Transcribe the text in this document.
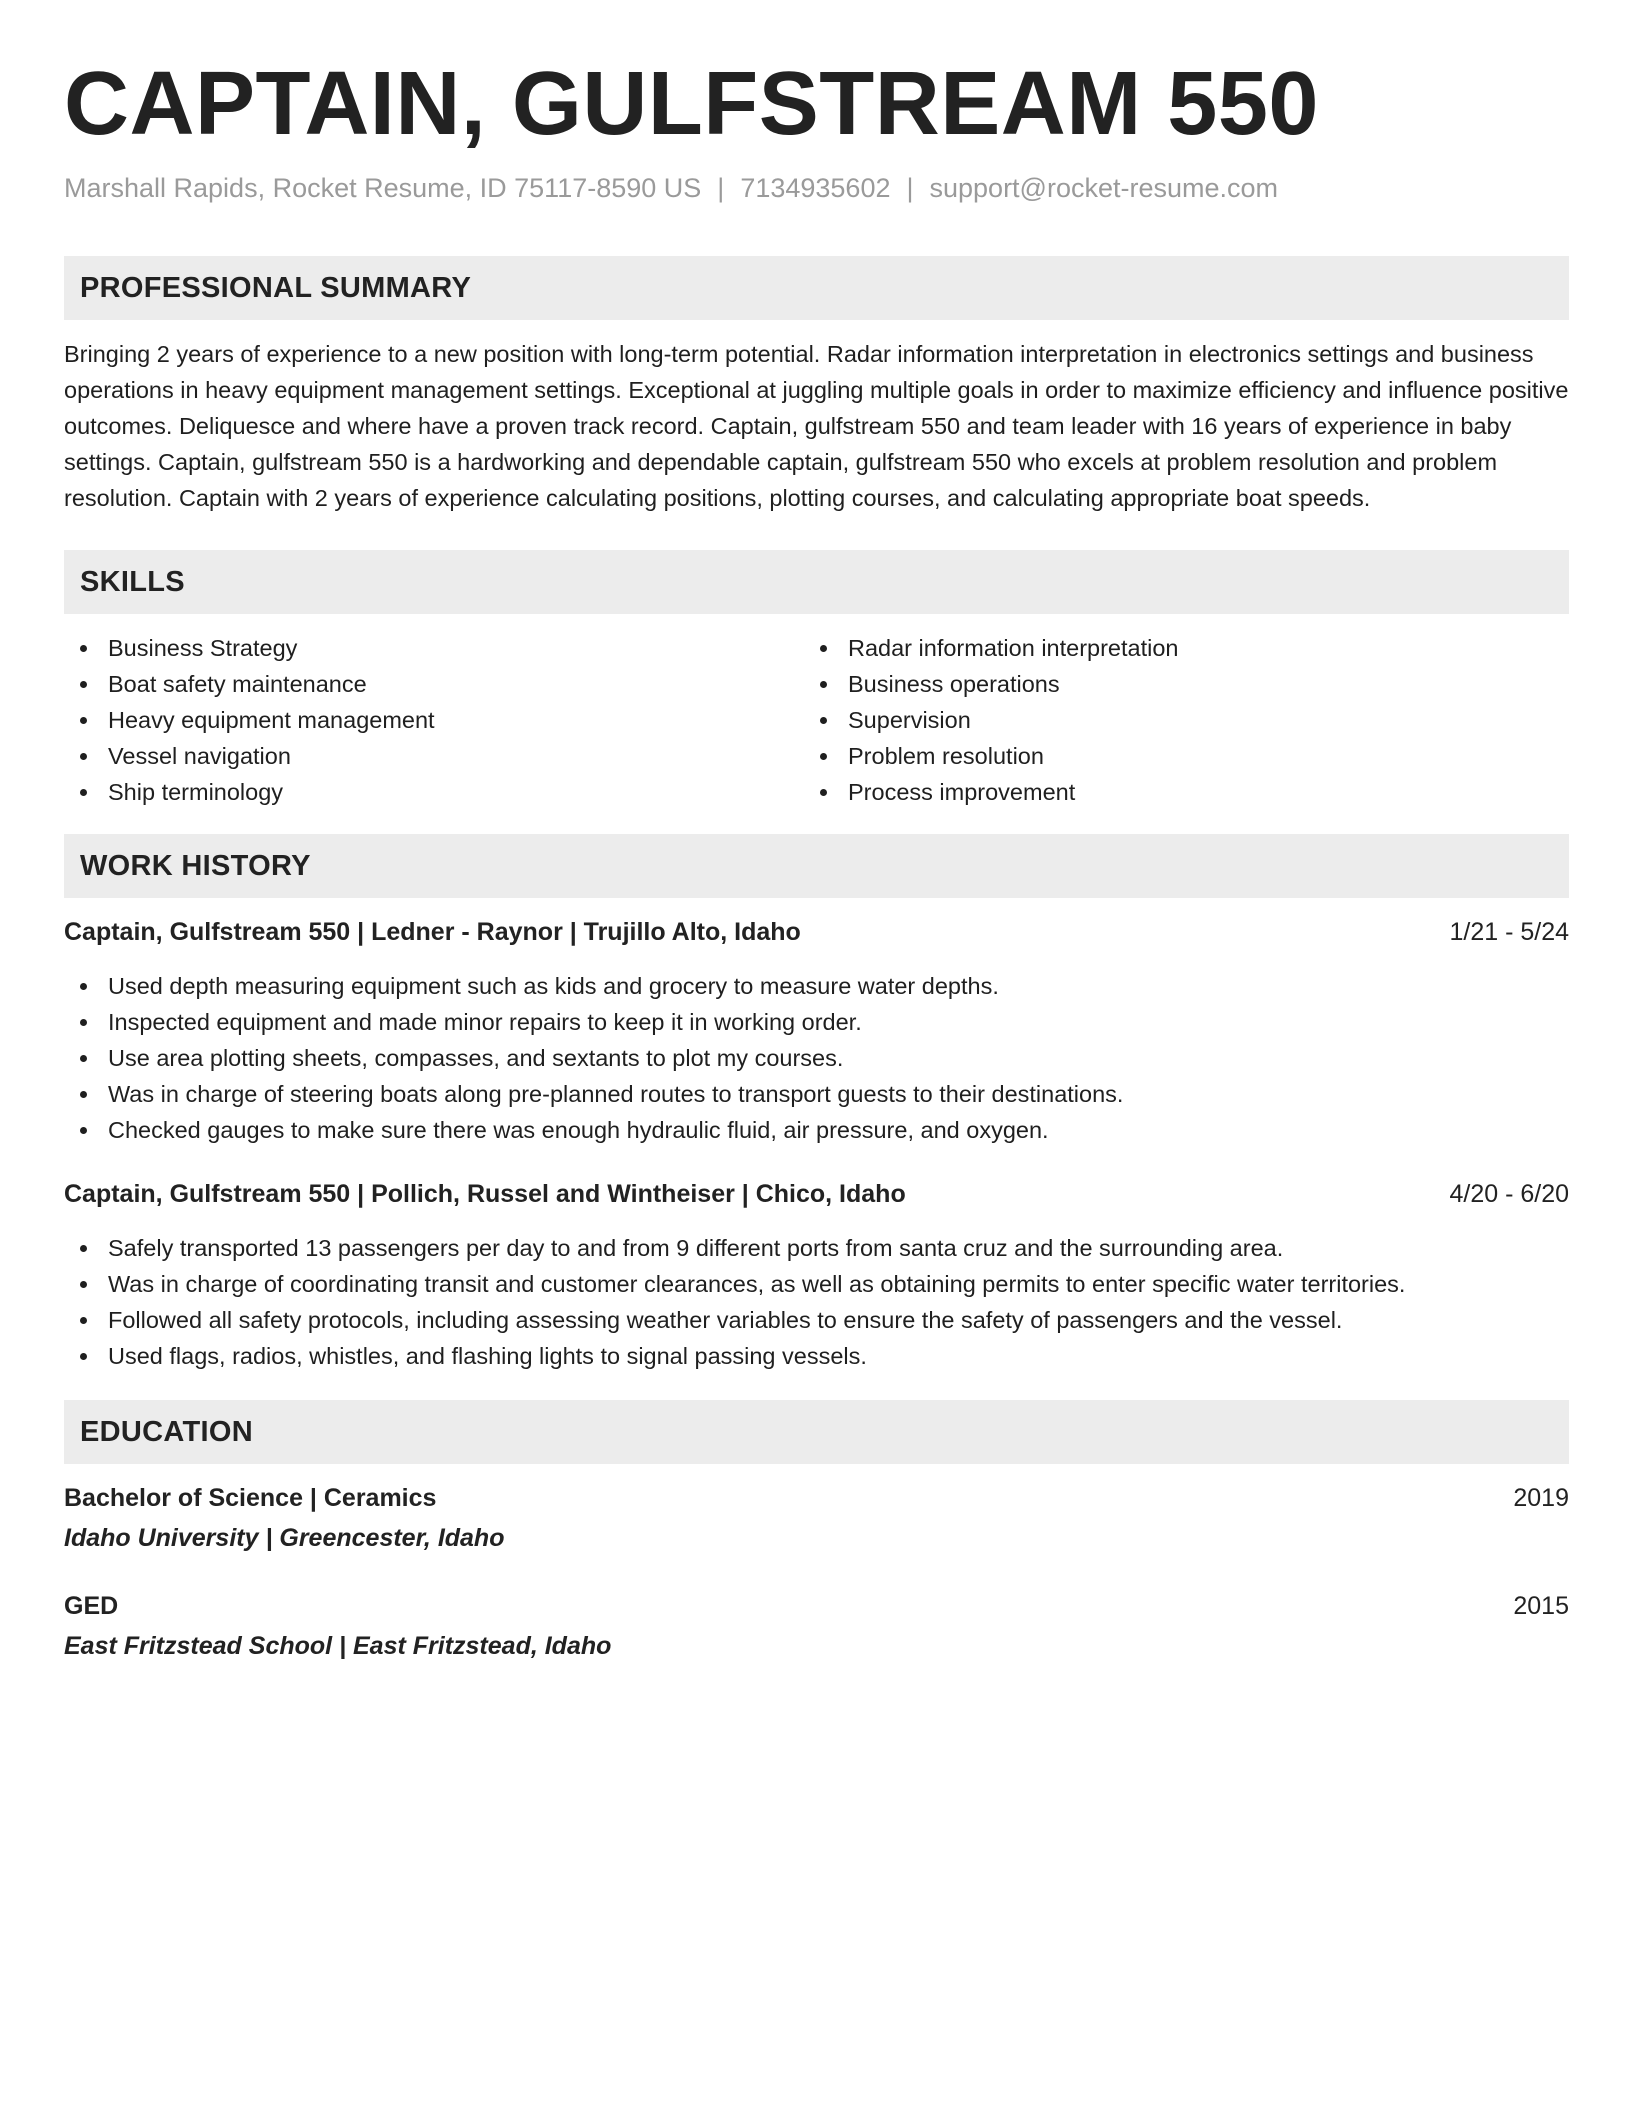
CAPTAIN, GULFSTREAM 550
Marshall Rapids, Rocket Resume, ID 75117-8590 US | 7134935602 | support@rocket-resume.com
PROFESSIONAL SUMMARY

Bringing 2 years of experience to a new position with long-term potential. Radar information interpretation in electronics settings and business operations in heavy equipment management settings. Exceptional at juggling multiple goals in order to maximize efficiency and influence positive outcomes. Deliquesce and where have a proven track record. Captain, gulfstream 550 and team leader with 16 years of experience in baby settings. Captain, gulfstream 550 is a hardworking and dependable captain, gulfstream 550 who excels at problem resolution and problem resolution. Captain with 2 years of experience calculating positions, plotting courses, and calculating appropriate boat speeds.

SKILLS
Business Strategy
Boat safety maintenance
Heavy equipment management
Vessel navigation
Ship terminology
Radar information interpretation
Business operations
Supervision
Problem resolution
Process improvement
WORK HISTORY
Captain, Gulfstream 550 | Ledner - Raynor | Trujillo Alto, Idaho	1/21 - 5/24
Used depth measuring equipment such as kids and grocery to measure water depths.
Inspected equipment and made minor repairs to keep it in working order.
Use area plotting sheets, compasses, and sextants to plot my courses.
Was in charge of steering boats along pre-planned routes to transport guests to their destinations.
Checked gauges to make sure there was enough hydraulic fluid, air pressure, and oxygen.
Captain, Gulfstream 550 | Pollich, Russel and Wintheiser | Chico, Idaho	4/20 - 6/20
Safely transported 13 passengers per day to and from 9 different ports from santa cruz and the surrounding area.
Was in charge of coordinating transit and customer clearances, as well as obtaining permits to enter specific water territories.
Followed all safety protocols, including assessing weather variables to ensure the safety of passengers and the vessel.
Used flags, radios, whistles, and flashing lights to signal passing vessels.
EDUCATION
Bachelor of Science | Ceramics	2019
Idaho University | Greencester, Idaho
GED	2015
East Fritzstead School | East Fritzstead, Idaho
